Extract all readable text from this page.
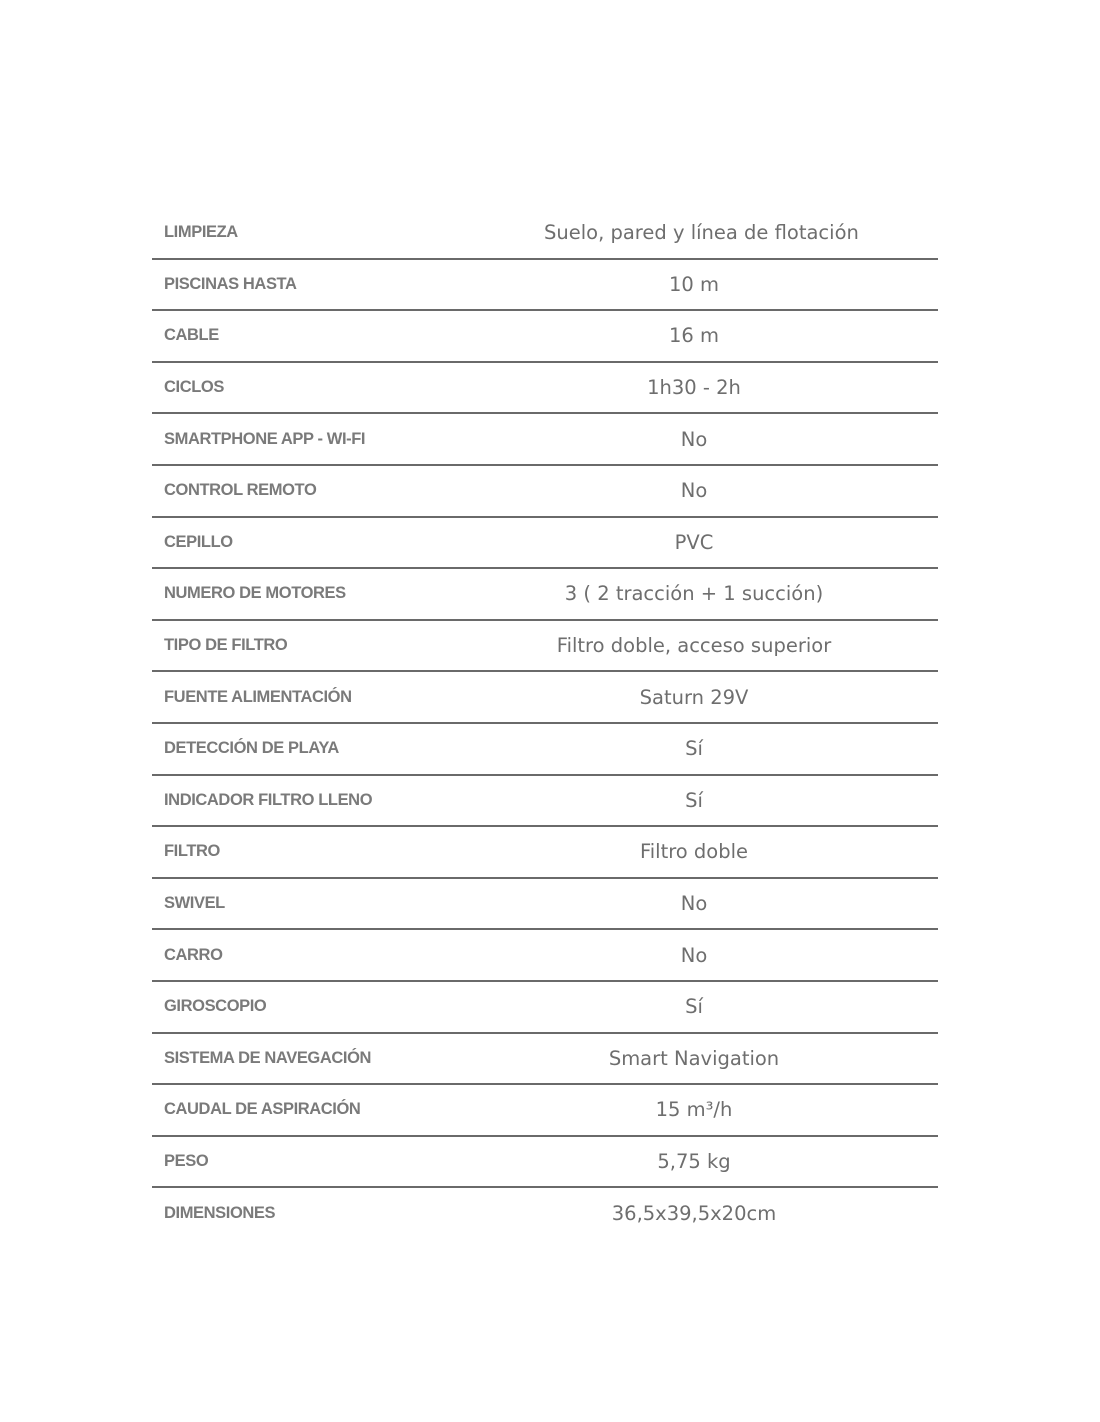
LIMPIEZA	Suelo, pared y línea de flotación
PISCINAS HASTA	10 m
CABLE	16 m
CICLOS	1h30 - 2h
SMARTPHONE APP - WI-FI	No
CONTROL REMOTO	No
CEPILLO	PVC
NUMERO DE MOTORES	3 ( 2 tracción + 1 succión)
TIPO DE FILTRO	Filtro doble, acceso superior
FUENTE ALIMENTACIÓN	Saturn 29V
DETECCIÓN DE PLAYA	Sí
INDICADOR FILTRO LLENO	Sí
FILTRO	Filtro doble
SWIVEL	No
CARRO	No
GIROSCOPIO	Sí
SISTEMA DE NAVEGACIÓN	Smart Navigation
CAUDAL DE ASPIRACIÓN	15 m³/h
PESO	5,75 kg
DIMENSIONES	36,5x39,5x20cm
